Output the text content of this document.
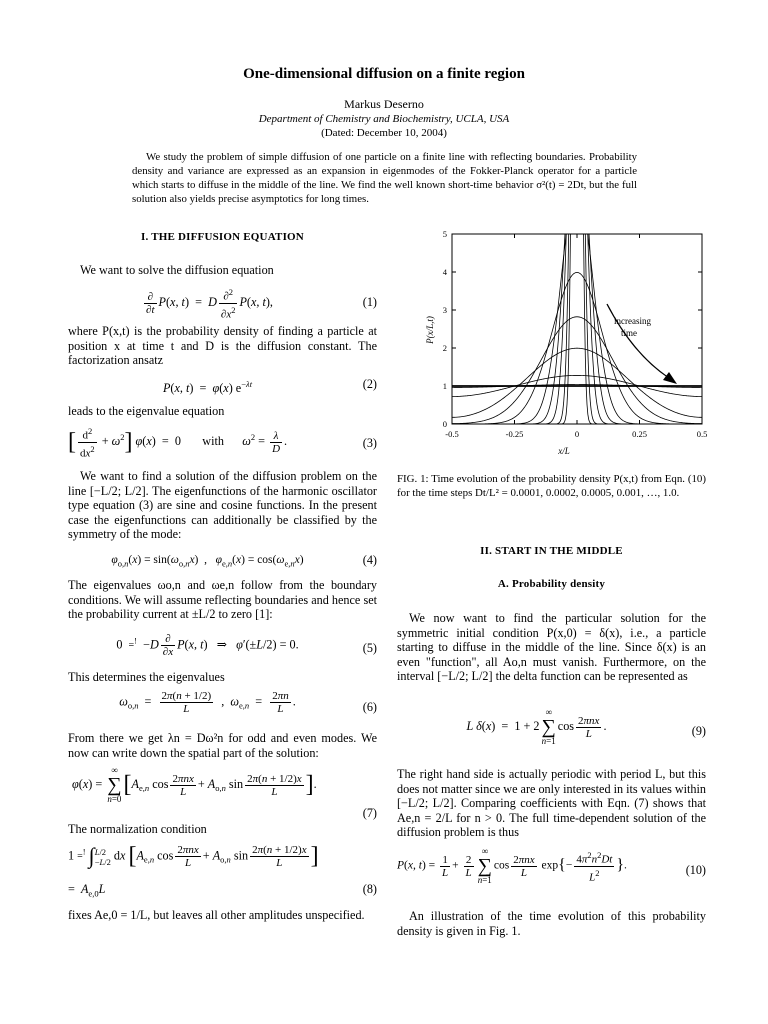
One-dimensional diffusion on a finite region
Markus Deserno
Department of Chemistry and Biochemistry, UCLA, USA
(Dated: December 10, 2004)
We study the problem of simple diffusion of one particle on a finite line with reflecting boundaries. Probability density and variance are expressed as an expansion in eigenmodes of the Fokker-Planck operator for a particle which starts to diffuse in the middle of the line. We find the well known short-time behavior σ²(t) = 2Dt, but the full solution also yields precise asymptotics for long times.
I. THE DIFFUSION EQUATION
We want to solve the diffusion equation
$\frac{\partial}{\partial t} P(x$, t)  =  D $\frac{\partial^2}{\partial x^2} P(x$, t),	(1)
where P(x,t) is the probability density of finding a particle at position x at time t and D is the diffusion constant. The factorization ansatz
P(x, t)  =  φ(x) $e^{-\lambda t}$	(2)
leads to the eigenvalue equation
[ $\frac{d^2}{dx^2} + \omega^2$] φ(x)  =  0       with      $\omega^2 = \frac{\lambda}{D}$ .	(3)
We want to find a solution of the diffusion problem on the line [−L/2; L/2]. The eigenfunctions of the harmonic oscillator type equation (3) are sine and cosine functions. In the present case the eigenfunctions can additionally be classified by the symmetry of the mode:
$\varphi_{o,n}(x) = \sin(\omega_{o,n}x)$  ,   $\varphi_{e,n}(x) = \cos(\omega_{e,n}x)$	(4)
The eigenvalues ωo,n and ωe,n follow from the boundary conditions. We will assume reflecting boundaries and hence set the probability current at ±L/2 to zero [1]:
$0 =^! -D \frac{\partial}{\partial x} P(x$, t)   ⇒   φ′(±L/2) = 0.	(5)
This determines the eigenvalues
$\omega_{o,n} = \frac{2\pi(n + 1/2)}{L}$ ,  $\omega_{e,n} = \frac{2\pi n}{L}$ .	(6)
From there we get λn = Dω²n for odd and even modes. We now can write down the spatial part of the solution:
φ(x) = ∞
∑
$n=0[A_{e,n}$ $\cos \frac{\text{2πnx}}{L} + A_{o,n}$ $\sin \frac{2\pi(n + 1/2)x}{L}$ ].
(7)
The normalization condition
1 =! ∫ L/2
−L/2 dx [$A_{e,n}$ $\cos \frac{\text{2πnx}}{L} + A_{o,n}$ $\sin \frac{2\pi(n + 1/2)x}{L}$ ]
=  $A_{e,0}L$	(8)
fixes Ae,0 = 1/L, but leaves all other amplitudes unspecified.
-0.5	-0.25	0	0.25	0.5
0
1
2
3
4
5
increasing
time
x/L
P(x/L,t)
FIG. 1: Time evolution of the probability density P(x,t) from Eqn. (10) for the time steps Dt/L² = 0.0001, 0.0002, 0.0005, 0.001, …, 1.0.
II. START IN THE MIDDLE
A. Probability density
We now want to find the particular solution for the symmetric initial condition P(x,0) = δ(x), i.e., a particle starting to diffuse in the middle of the line. Since δ(x) is an even "function", all Ao,n must vanish. Furthermore, on the interval [−L/2; L/2] the delta function can be represented as
L δ(x)  =  1 + 2∞
∑
$n=1\cos \frac{\text{2πnx}}{L}$ .	(9)
The right hand side is actually periodic with period L, but this does not matter since we are only interested in its values within [−L/2; L/2]. Comparing coefficients with Eqn. (7) shows that Ae,n = 2/L for n > 0. The full time-dependent solution of the diffusion problem is thus
P(x, $t) = \frac{1}{L} + \frac{2}{L}$
∞
∑
$n=1\cos \frac{\text{2πnx}}{L} \exp\{- \frac{4\pi^2n^2Dt}{L^2}$ }.	(10)
An illustration of the time evolution of this probability density is given in Fig. 1.
